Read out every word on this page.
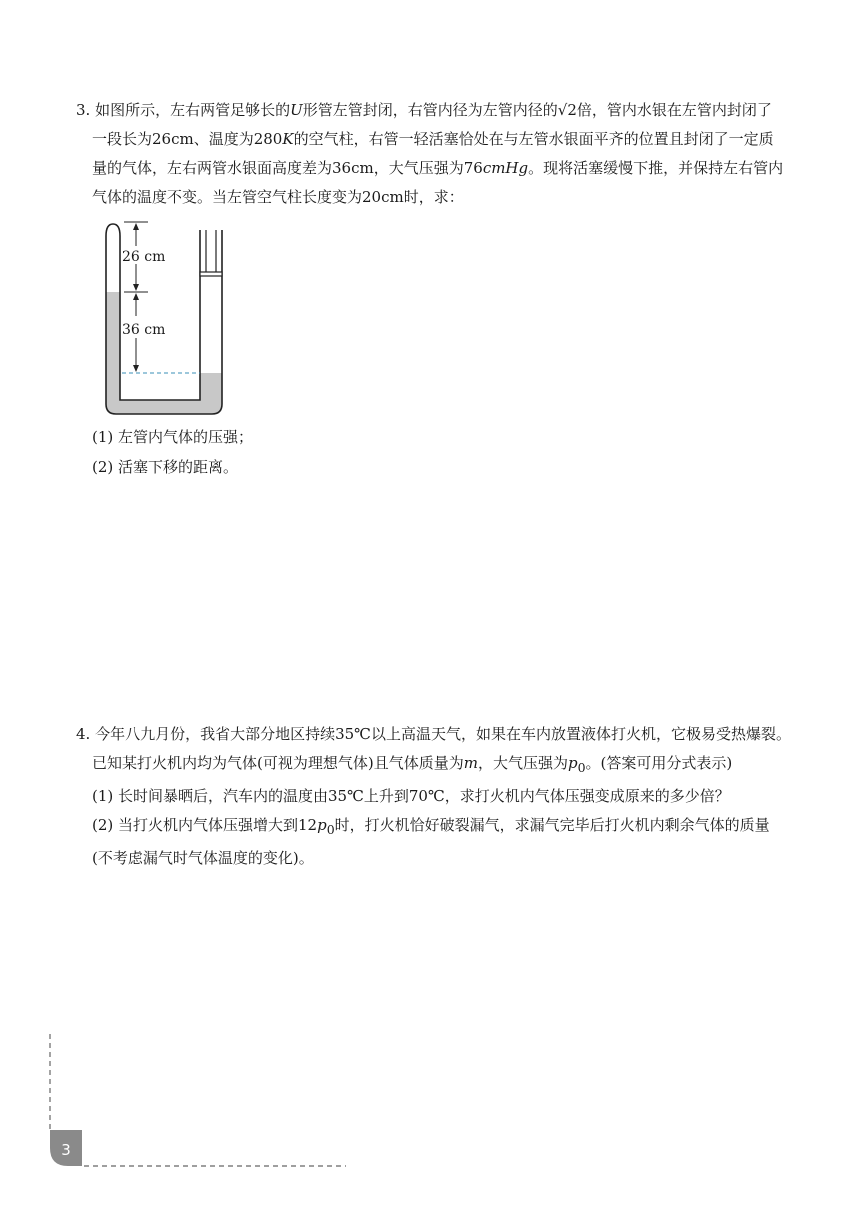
3. 如图所示，左右两管足够长的U形管左管封闭，右管内径为左管内径的√2倍，管内水银在左管内封闭了

一段长为26cm、温度为280K的空气柱，右管一轻活塞恰处在与左管水银面平齐的位置且封闭了一定质

量的气体，左右两管水银面高度差为36cm，大气压强为76cmHg。现将活塞缓慢下推，并保持左右管内

气体的温度不变。当左管空气柱长度变为20cm时，求：

26 cm
36 cm

(1) 左管内气体的压强；

(2) 活塞下移的距离。

4. 今年八九月份，我省大部分地区持续35℃以上高温天气，如果在车内放置液体打火机，它极易受热爆裂。

已知某打火机内均为气体(可视为理想气体)且气体质量为m，大气压强为$p_0$。(答案可用分式表示)

(1) 长时间暴晒后，汽车内的温度由35℃上升到70℃，求打火机内气体压强变成原来的多少倍？

(2) 当打火机内气体压强增大到$12p_0$时，打火机恰好破裂漏气，求漏气完毕后打火机内剩余气体的质量

(不考虑漏气时气体温度的变化)。

3
